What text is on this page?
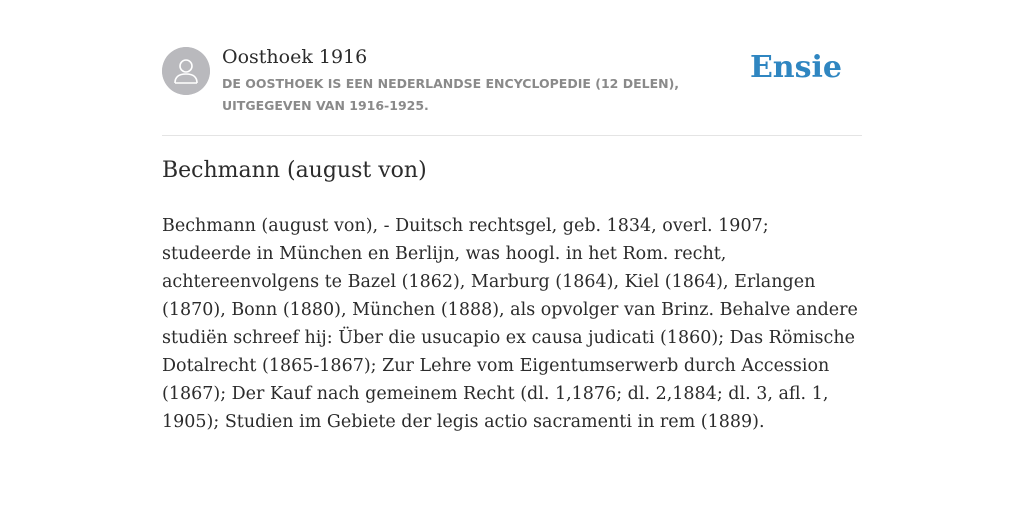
Oosthoek 1916
DE OOSTHOEK IS EEN NEDERLANDSE ENCYCLOPEDIE (12 DELEN), UITGEGEVEN VAN 1916-1925.
Ensie
Bechmann (august von)
Bechmann (august von), - Duitsch rechtsgel, geb. 1834, overl. 1907; studeerde in München en Berlijn, was hoogl. in het Rom. recht, achtereenvolgens te Bazel (1862), Marburg (1864), Kiel (1864), Erlangen (1870), Bonn (1880), München (1888), als opvolger van Brinz. Behalve andere studiën schreef hij: Über die usucapio ex causa judicati (1860); Das Römische Dotalrecht (1865-1867); Zur Lehre vom Eigentumserwerb durch Accession (1867); Der Kauf nach gemeinem Recht (dl. 1,1876; dl. 2,1884; dl. 3, afl. 1, 1905); Studien im Gebiete der legis actio sacramenti in rem (1889).
